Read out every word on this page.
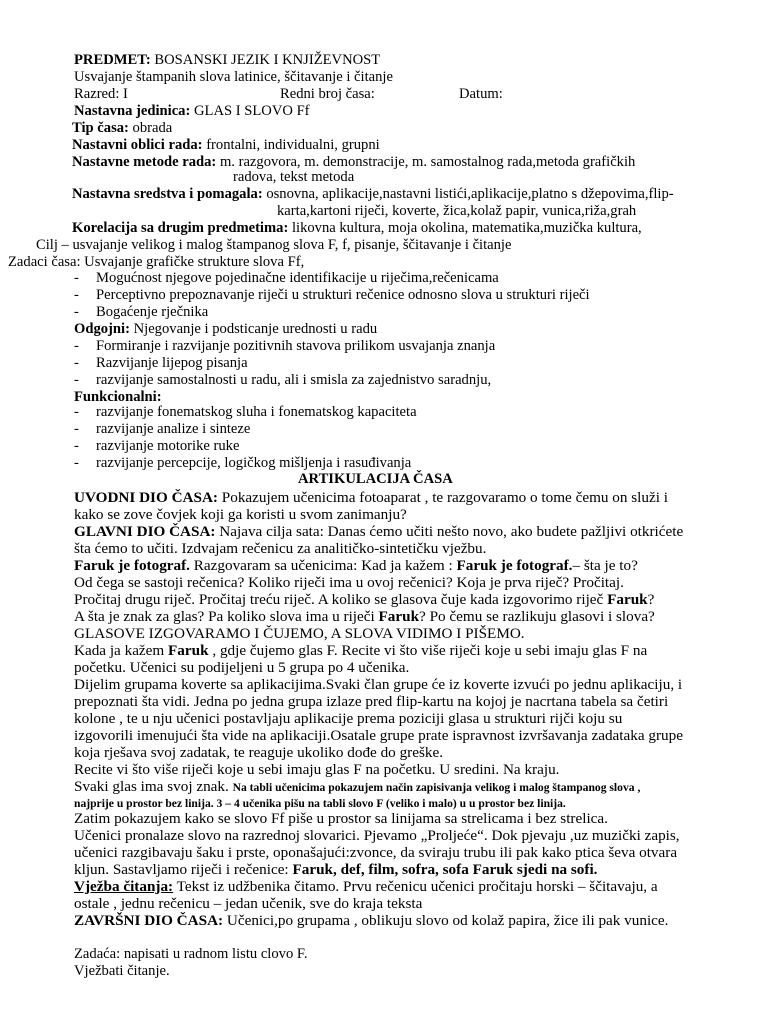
PREDMET: BOSANSKI JEZIK I KNJIŽEVNOST
Usvajanje štampanih slova latinice, ščitavanje i čitanje
Razred: I	Redni broj časa:	Datum:
Nastavna jedinica: GLAS I SLOVO Ff
Tip časa: obrada
Nastavni oblici rada: frontalni, individualni, grupni
Nastavne metode rada: m. razgovora, m. demonstracije, m. samostalnog rada,metoda grafičkih
radova, tekst metoda
Nastavna sredstva i pomagala: osnovna, aplikacije,nastavni listići,aplikacije,platno s džepovima,flip-
karta,kartoni riječi, koverte, žica,kolaž papir, vunica,riža,grah
Korelacija sa drugim predmetima: likovna kultura, moja okolina, matematika,muzička kultura,
Cilj – usvajanje velikog i malog štampanog slova F, f, pisanje, ščitavanje i čitanje
Zadaci časa: Usvajanje grafičke strukture slova Ff,
- Mogućnost njegove pojedinačne identifikacije u riječima,rečenicama
- Perceptivno prepoznavanje riječi u strukturi rečenice odnosno slova u strukturi riječi
- Bogaćenje rječnika
Odgojni: Njegovanje i podsticanje urednosti u radu
- Formiranje i razvijanje pozitivnih stavova prilikom usvajanja znanja
- Razvijanje lijepog pisanja
- razvijanje samostalnosti u radu, ali i smisla za zajednistvo saradnju,
Funkcionalni:
- razvijanje fonematskog sluha i fonematskog kapaciteta
- razvijanje analize i sinteze
- razvijanje motorike ruke
- razvijanje percepcije, logičkog mišljenja i rasuđivanja
ARTIKULACIJA ČASA
UVODNI DIO ČASA: Pokazujem učenicima fotoaparat , te razgovaramo o tome čemu on služi i
kako se zove čovjek koji ga koristi u svom zanimanju?
GLAVNI DIO ČASA: Najava cilja sata: Danas ćemo učiti nešto novo, ako budete pažljivi otkrićete
šta ćemo to učiti. Izdvajam rečenicu za analitičko-sintetičku vježbu.
Faruk je fotograf. Razgovaram sa učenicima: Kad ja kažem : Faruk je fotograf.– šta je to?
Od čega se sastoji rečenica? Koliko riječi ima u ovoj rečenici? Koja je prva riječ? Pročitaj.
Pročitaj drugu riječ. Pročitaj treću riječ. A koliko se glasova čuje kada izgovorimo riječ Faruk?
A šta je znak za glas? Pa koliko slova ima u riječi Faruk? Po čemu se razlikuju glasovi i slova?
GLASOVE IZGOVARAMO I ČUJEMO, A SLOVA VIDIMO I PIŠEMO.
Kada ja kažem Faruk , gdje čujemo glas F. Recite vi što više riječi koje u sebi imaju glas F na
početku. Učenici su podijeljeni u 5 grupa po 4 učenika.
Dijelim grupama koverte sa aplikacijima.Svaki član grupe će iz koverte izvući po jednu aplikaciju, i
prepoznati šta vidi. Jedna po jedna grupa izlaze pred flip-kartu na kojoj je nacrtana tabela sa četiri
kolone , te u nju učenici postavljaju aplikacije prema poziciji glasa u strukturi rijči koju su
izgovorili imenujući šta vide na aplikaciji.Osatale grupe prate ispravnost izvršavanja zadataka grupe
koja rješava svoj zadatak, te reaguje ukoliko dođe do greške.
Recite vi što više riječi koje u sebi imaju glas F na početku. U sredini. Na kraju.
Svaki glas ima svoj znak. Na tabli učenicima pokazujem način zapisivanja velikog i malog štampanog slova ,
najprije u prostor bez linija. 3 – 4 učenika pišu na tabli slovo F (veliko i malo) u u prostor bez linija.
Zatim pokazujem kako se slovo Ff piše u prostor sa linijama sa strelicama i bez strelica.
Učenici pronalaze slovo na razrednoj slovarici. Pjevamo „Proljeće“. Dok pjevaju ,uz muzički zapis,
učenici razgibavaju šaku i prste, oponašajući:zvonce, da sviraju trubu ili pak kako ptica ševa otvara
kljun. Sastavljamo riječi i rečenice: Faruk, def, film, sofra, sofa Faruk sjedi na sofi.
Vježba čitanja: Tekst iz udžbenika čitamo. Prvu rečenicu učenici pročitaju horski – ščitavaju, a
ostale , jednu rečenicu – jedan učenik, sve do kraja teksta
ZAVRŠNI DIO ČASA: Učenici,po grupama , oblikuju slovo od kolaž papira, žice ili pak vunice.
Zadaća: napisati u radnom listu clovo F.
Vježbati čitanje.
